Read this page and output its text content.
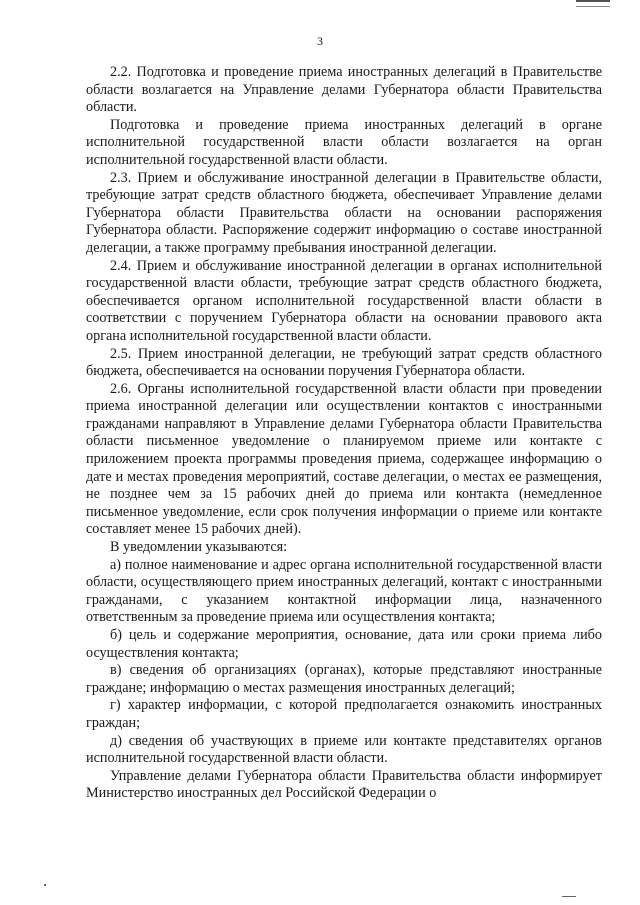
3

2.2. Подготовка и проведение приема иностранных делегаций в Правительстве области возлагается на Управление делами Губернатора области Правительства области.

Подготовка и проведение приема иностранных делегаций в органе исполнительной государственной власти области возлагается на орган исполнительной государственной власти области.

2.3. Прием и обслуживание иностранной делегации в Правительстве области, требующие затрат средств областного бюджета, обеспечивает Управление делами Губернатора области Правительства области на основании распоряжения Губернатора области. Распоряжение содержит информацию о составе иностранной делегации, а также программу пребывания иностранной делегации.

2.4. Прием и обслуживание иностранной делегации в органах исполнительной государственной власти области, требующие затрат средств областного бюджета, обеспечивается органом исполнительной государственной власти области в соответствии с поручением Губернатора области на основании правового акта органа исполнительной государственной власти области.

2.5. Прием иностранной делегации, не требующий затрат средств областного бюджета, обеспечивается на основании поручения Губернатора области.

2.6. Органы исполнительной государственной власти области при проведении приема иностранной делегации или осуществлении контактов с иностранными гражданами направляют в Управление делами Губернатора области Правительства области письменное уведомление о планируемом приеме или контакте с приложением проекта программы проведения приема, содержащее информацию о дате и местах проведения мероприятий, составе делегации, о местах ее размещения, не позднее чем за 15 рабочих дней до приема или контакта (немедленное письменное уведомление, если срок получения информации о приеме или контакте составляет менее 15 рабочих дней).

В уведомлении указываются:

а) полное наименование и адрес органа исполнительной государственной власти области, осуществляющего прием иностранных делегаций, контакт с иностранными гражданами, с указанием контактной информации лица, назначенного ответственным за проведение приема или осуществления контакта;

б) цель и содержание мероприятия, основание, дата или сроки приема либо осуществления контакта;

в) сведения об организациях (органах), которые представляют иностранные граждане; информацию о местах размещения иностранных делегаций;

г) характер информации, с которой предполагается ознакомить иностранных граждан;

д) сведения об участвующих в приеме или контакте представителях органов исполнительной государственной власти области.

Управление делами Губернатора области Правительства области информирует Министерство иностранных дел Российской Федерации о
